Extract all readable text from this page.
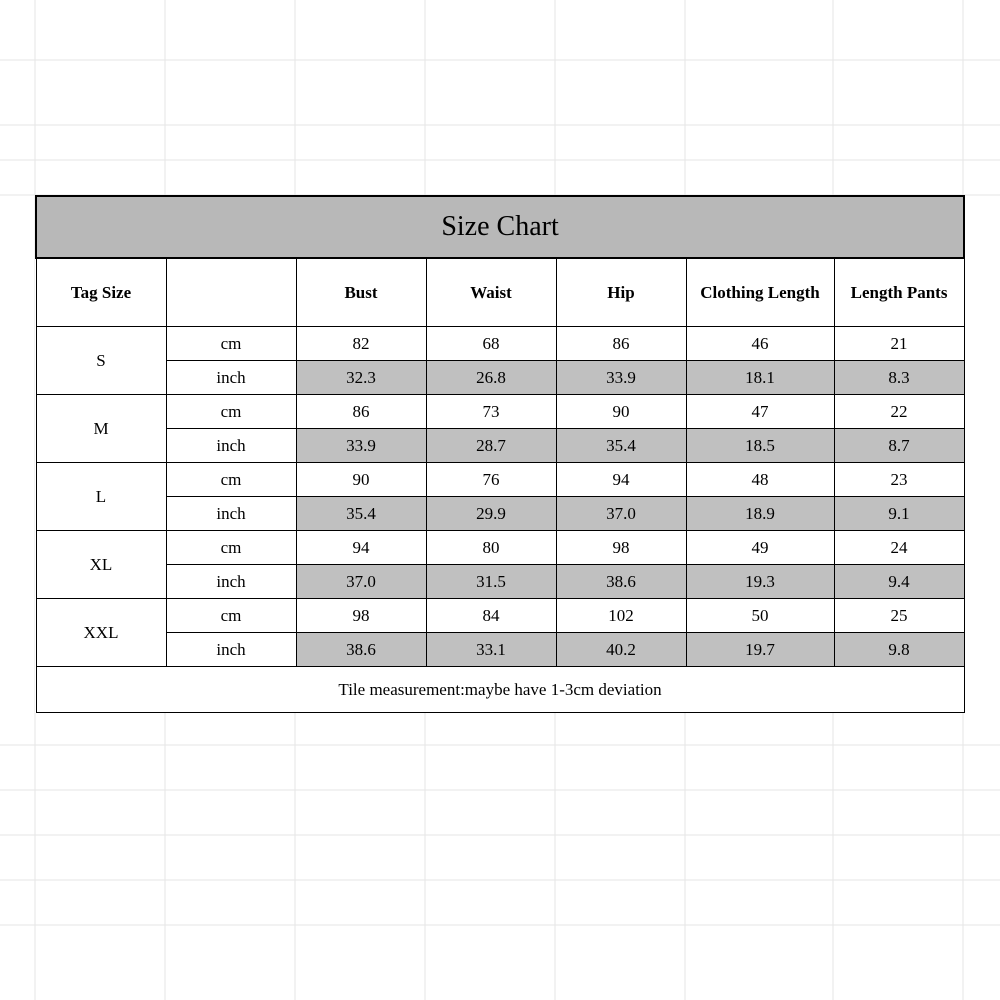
Size Chart						
Tag Size		Bust	Waist	Hip	Clothing Length	Length Pants
S	cm	82	68	86	46	21
	inch	32.3	26.8	33.9	18.1	8.3
M	cm	86	73	90	47	22
	inch	33.9	28.7	35.4	18.5	8.7
L	cm	90	76	94	48	23
	inch	35.4	29.9	37.0	18.9	9.1
XL	cm	94	80	98	49	24
	inch	37.0	31.5	38.6	19.3	9.4
XXL	cm	98	84	102	50	25
	inch	38.6	33.1	40.2	19.7	9.8
Tile measurement:maybe have 1-3cm deviation						
